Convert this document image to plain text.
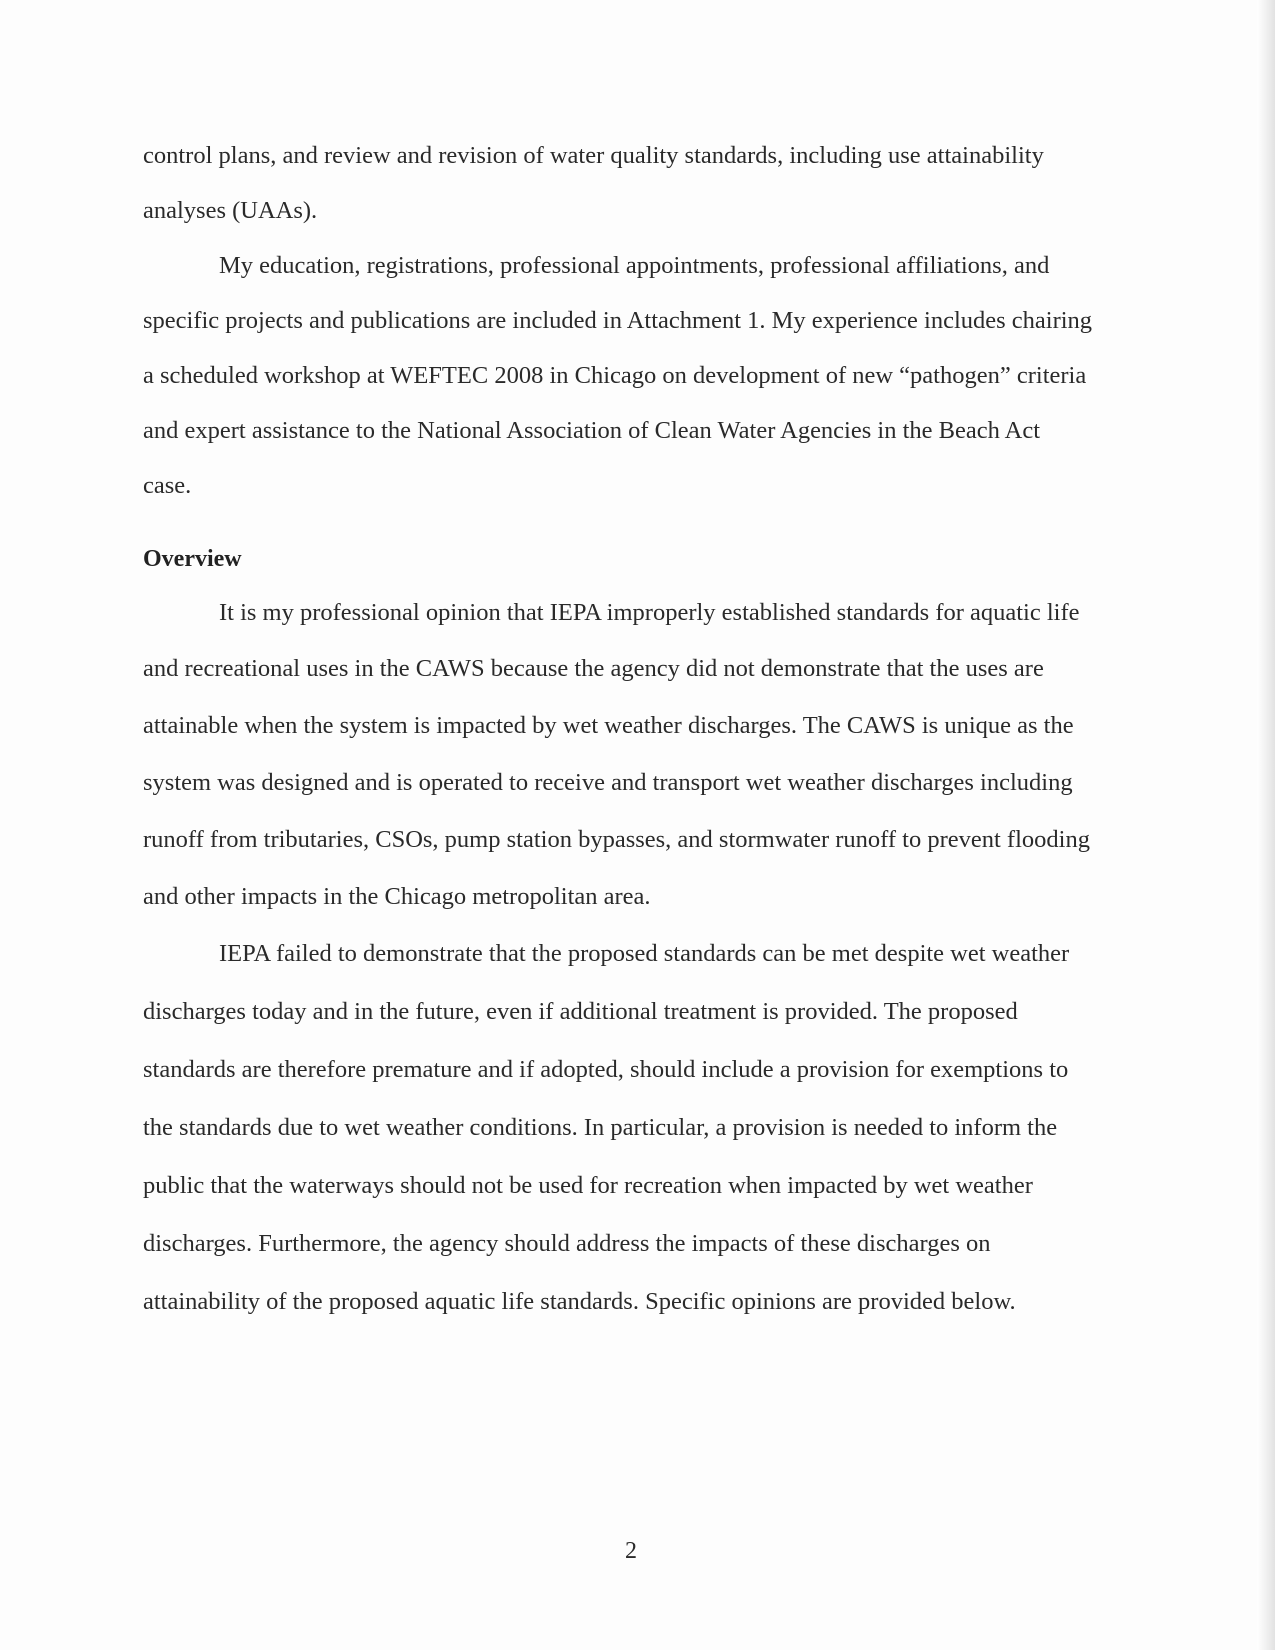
control plans, and review and revision of water quality standards, including use attainability

analyses (UAAs).

My education, registrations, professional appointments, professional affiliations, and

specific projects and publications are included in Attachment 1. My experience includes chairing

a scheduled workshop at WEFTEC 2008 in Chicago on development of new “pathogen” criteria

and expert assistance to the National Association of Clean Water Agencies in the Beach Act

case.

Overview

It is my professional opinion that IEPA improperly established standards for aquatic life

and recreational uses in the CAWS because the agency did not demonstrate that the uses are

attainable when the system is impacted by wet weather discharges. The CAWS is unique as the

system was designed and is operated to receive and transport wet weather discharges including

runoff from tributaries, CSOs, pump station bypasses, and stormwater runoff to prevent flooding

and other impacts in the Chicago metropolitan area.

IEPA failed to demonstrate that the proposed standards can be met despite wet weather

discharges today and in the future, even if additional treatment is provided. The proposed

standards are therefore premature and if adopted, should include a provision for exemptions to

the standards due to wet weather conditions. In particular, a provision is needed to inform the

public that the waterways should not be used for recreation when impacted by wet weather

discharges. Furthermore, the agency should address the impacts of these discharges on

attainability of the proposed aquatic life standards. Specific opinions are provided below.

2
